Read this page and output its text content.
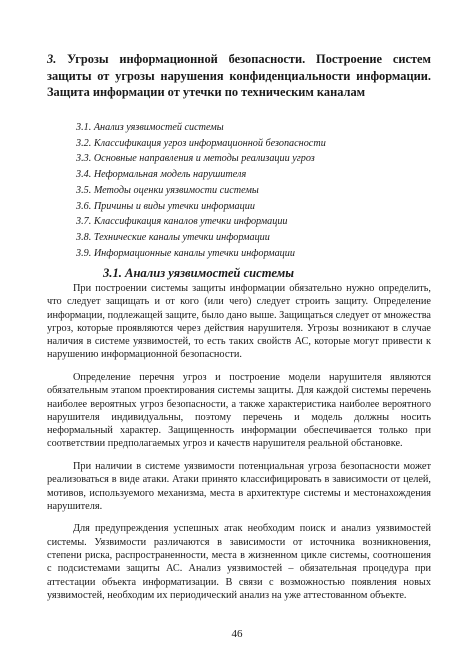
3. Угрозы информационной безопасности. Построение систем защиты от угрозы нарушения конфиденциальности информации. Защита информации от утечки по техническим каналам
3.1. Анализ уязвимостей системы
3.2. Классификация угроз информационной безопасности
3.3. Основные направления и методы реализации угроз
3.4. Неформальная модель нарушителя
3.5. Методы оценки уязвимости системы
3.6. Причины и виды утечки информации
3.7. Классификация каналов утечки информации
3.8. Технические каналы утечки информации
3.9. Информационные каналы утечки информации
3.1. Анализ уязвимостей системы

При построении системы защиты информации обязательно нужно определить, что следует защищать и от кого (или чего) следует строить защиту. Определение информации, подлежащей защите, было дано выше. Защищаться следует от множества угроз, которые проявляются через действия нарушителя. Угрозы возникают в случае наличия в системе уязвимостей, то есть таких свойств АС, которые могут привести к нарушению информационной безопасности.

Определение перечня угроз и построение модели нарушителя являются обязательным этапом проектирования системы защиты. Для каждой системы перечень наиболее вероятных угроз безопасности, а также характеристика наиболее вероятного нарушителя индивидуальны, поэтому перечень и модель должны носить неформальный характер. Защищенность информации обеспечивается только при соответствии предполагаемых угроз и качеств нарушителя реальной обстановке.

При наличии в системе уязвимости потенциальная угроза безопасности может реализоваться в виде атаки. Атаки принято классифицировать в зависимости от целей, мотивов, используемого механизма, места в архитектуре системы и местонахождения нарушителя.

Для предупреждения успешных атак необходим поиск и анализ уязвимостей системы. Уязвимости различаются в зависимости от источника возникновения, степени риска, распространенности, места в жизненном цикле системы, соотношения с подсистемами защиты АС. Анализ уязвимостей – обязательная процедура при аттестации объекта информатизации. В связи с возможностью появления новых уязвимостей, необходим их периодический анализ на уже аттестованном объекте.

46
